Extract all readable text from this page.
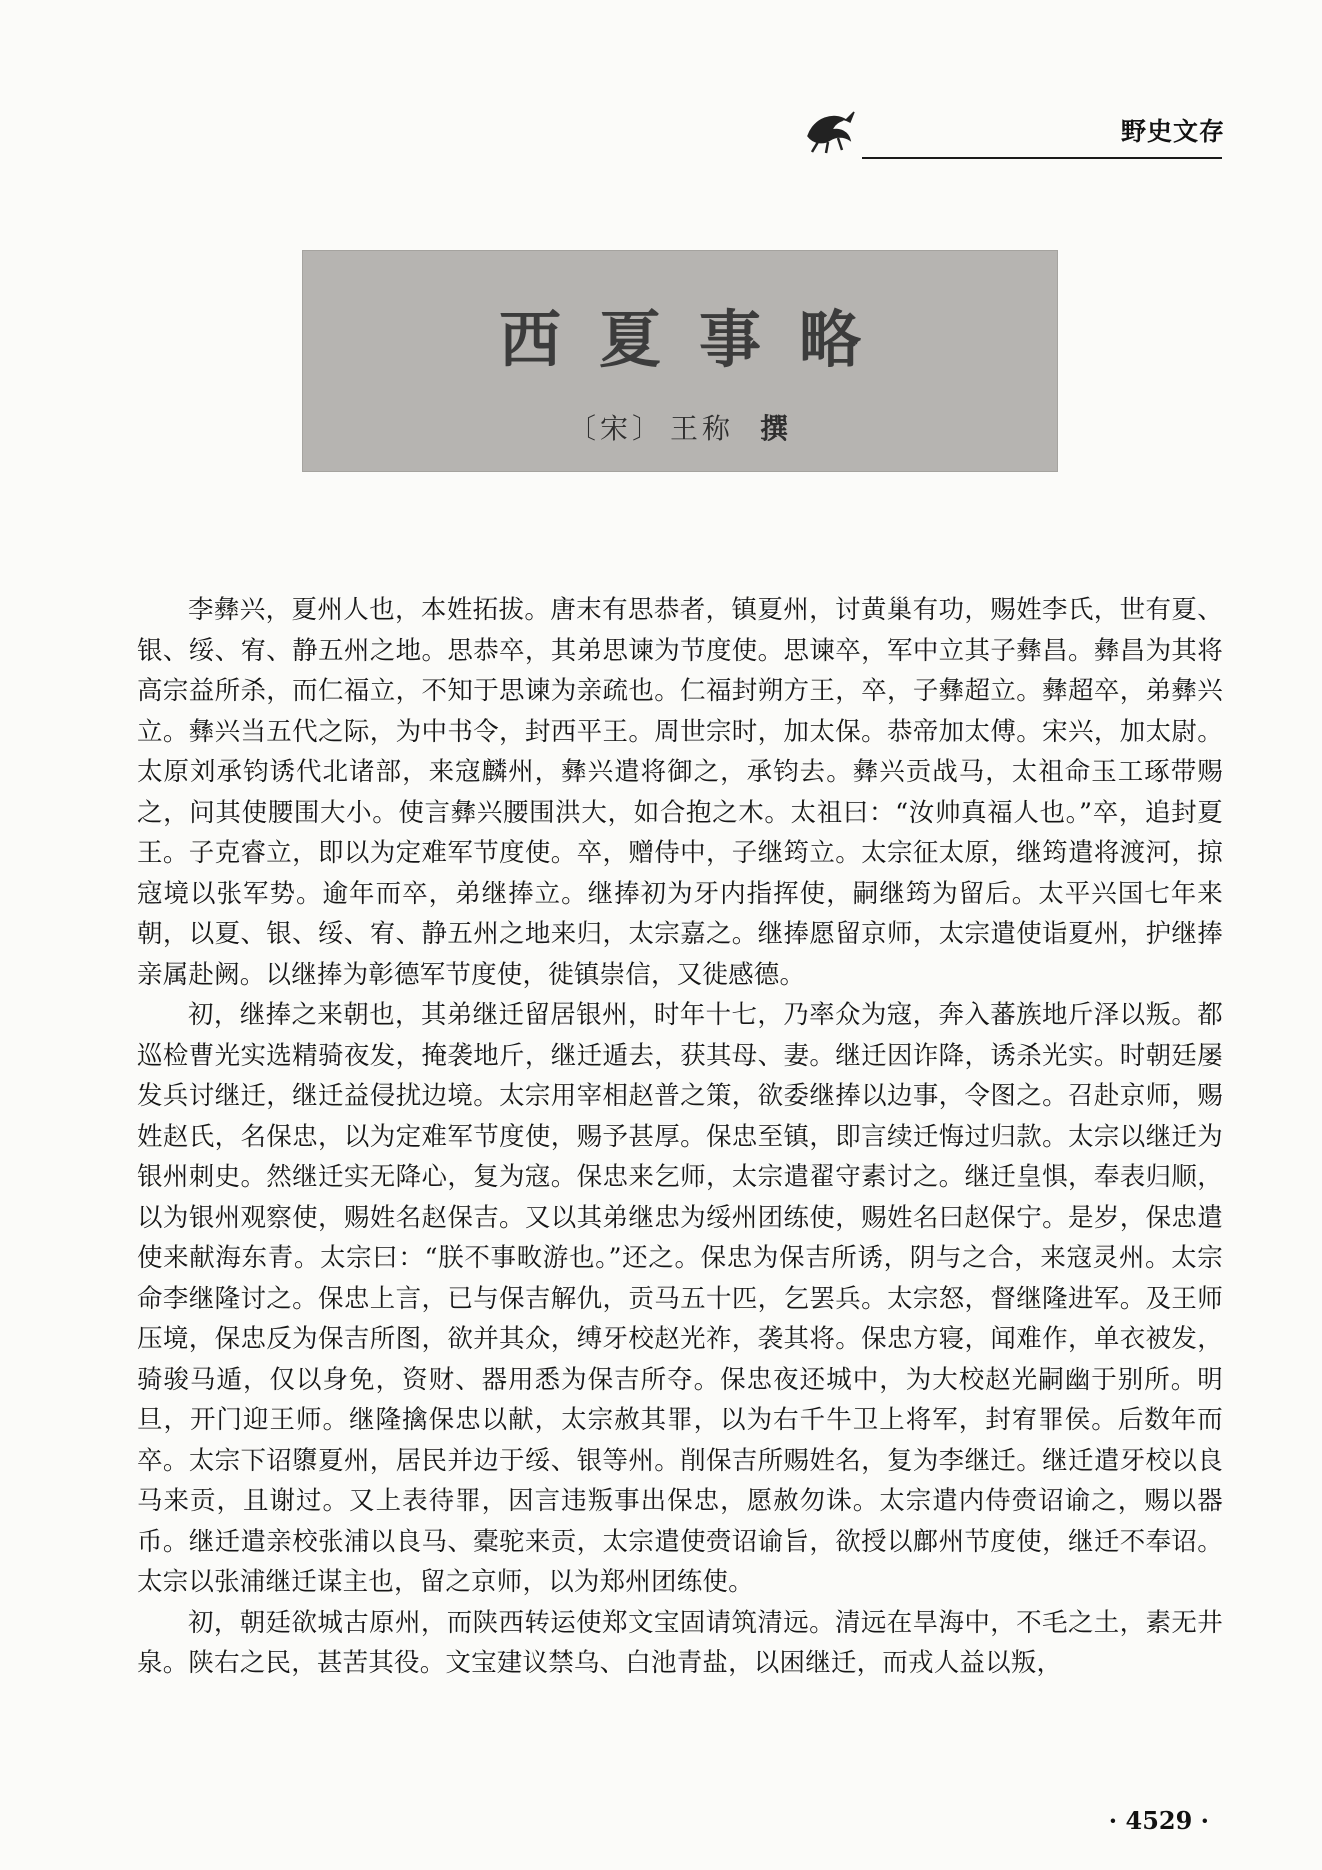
野史文存
西夏事略
〔宋〕 王称 撰

李彝兴，夏州人也，本姓拓拔。唐末有思恭者，镇夏州，讨黄巢有功，赐姓李氏，世有夏、银、绥、宥、静五州之地。思恭卒，其弟思谏为节度使。思谏卒，军中立其子彝昌。彝昌为其将高宗益所杀，而仁福立，不知于思谏为亲疏也。仁福封朔方王，卒，子彝超立。彝超卒，弟彝兴立。彝兴当五代之际，为中书令，封西平王。周世宗时，加太保。恭帝加太傅。宋兴，加太尉。太原刘承钧诱代北诸部，来寇麟州，彝兴遣将御之，承钧去。彝兴贡战马，太祖命玉工琢带赐之，问其使腰围大小。使言彝兴腰围洪大，如合抱之木。太祖曰：“汝帅真福人也。”卒，追封夏王。子克睿立，即以为定难军节度使。卒，赠侍中，子继筠立。太宗征太原，继筠遣将渡河，掠寇境以张军势。逾年而卒，弟继捧立。继捧初为牙内指挥使，嗣继筠为留后。太平兴国七年来朝，以夏、银、绥、宥、静五州之地来归，太宗嘉之。继捧愿留京师，太宗遣使诣夏州，护继捧亲属赴阙。以继捧为彰德军节度使，徙镇崇信，又徙感德。

初，继捧之来朝也，其弟继迁留居银州，时年十七，乃率众为寇，奔入蕃族地斤泽以叛。都巡检曹光实选精骑夜发，掩袭地斤，继迁遁去，获其母、妻。继迁因诈降，诱杀光实。时朝廷屡发兵讨继迁，继迁益侵扰边境。太宗用宰相赵普之策，欲委继捧以边事，令图之。召赴京师，赐姓赵氏，名保忠，以为定难军节度使，赐予甚厚。保忠至镇，即言续迁悔过归款。太宗以继迁为银州刺史。然继迁实无降心，复为寇。保忠来乞师，太宗遣翟守素讨之。继迁皇惧，奉表归顺，以为银州观察使，赐姓名赵保吉。又以其弟继忠为绥州团练使，赐姓名曰赵保宁。是岁，保忠遣使来献海东青。太宗曰：“朕不事畋游也。”还之。保忠为保吉所诱，阴与之合，来寇灵州。太宗命李继隆讨之。保忠上言，已与保吉解仇，贡马五十匹，乞罢兵。太宗怒，督继隆进军。及王师压境，保忠反为保吉所图，欲并其众，缚牙校赵光祚，袭其将。保忠方寝，闻难作，单衣被发，骑骏马遁，仅以身免，资财、器用悉为保吉所夺。保忠夜还城中，为大校赵光嗣幽于别所。明旦，开门迎王师。继隆擒保忠以献，太宗赦其罪，以为右千牛卫上将军，封宥罪侯。后数年而卒。太宗下诏隳夏州，居民并边于绥、银等州。削保吉所赐姓名，复为李继迁。继迁遣牙校以良马来贡，且谢过。又上表待罪，因言违叛事出保忠，愿赦勿诛。太宗遣内侍赍诏谕之，赐以器币。继迁遣亲校张浦以良马、橐驼来贡，太宗遣使赍诏谕旨，欲授以鄜州节度使，继迁不奉诏。太宗以张浦继迁谋主也，留之京师，以为郑州团练使。

初，朝廷欲城古原州，而陕西转运使郑文宝固请筑清远。清远在旱海中，不毛之土，素无井泉。陕右之民，甚苦其役。文宝建议禁乌、白池青盐，以困继迁，而戎人益以叛，

· 4529 ·
